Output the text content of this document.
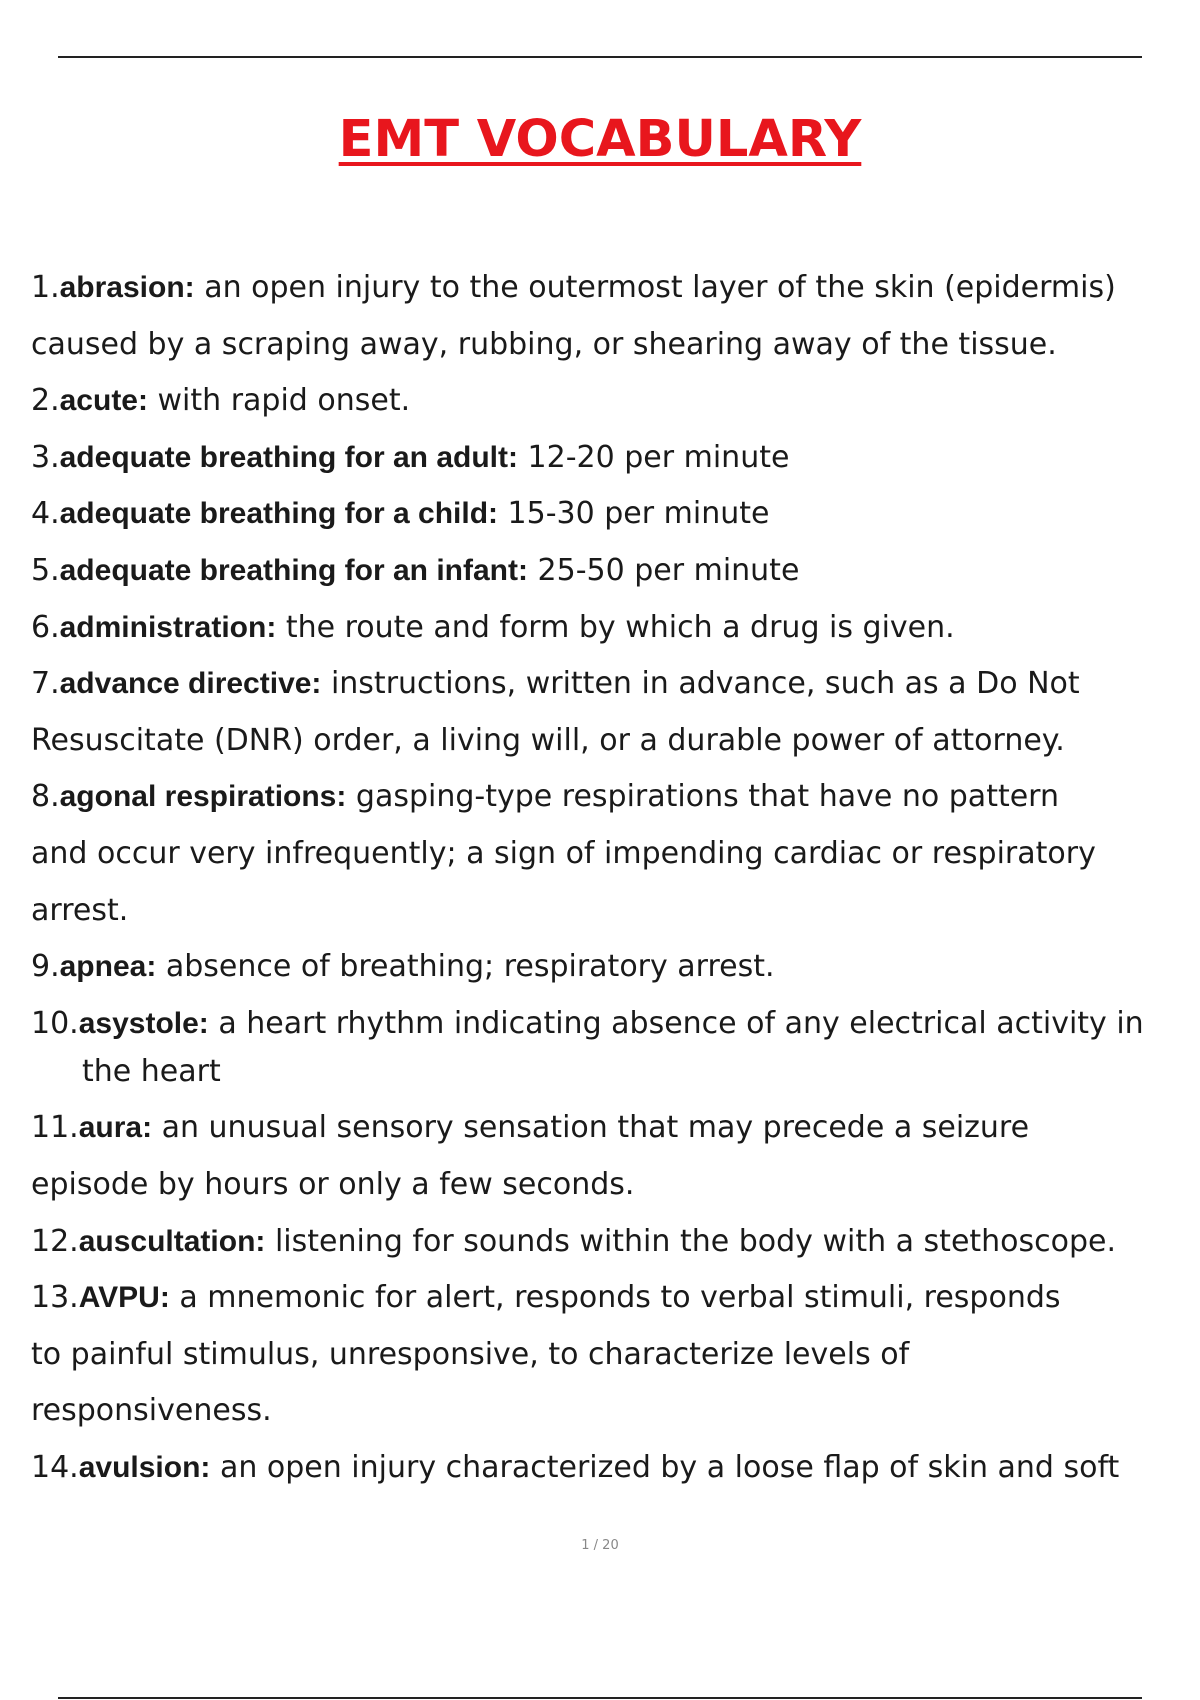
EMT VOCABULARY
1.abrasion: an open injury to the outermost layer of the skin (epidermis)
caused by a scraping away, rubbing, or shearing away of the tissue.
2.acute: with rapid onset.
3.adequate breathing for an adult: 12-20 per minute
4.adequate breathing for a child: 15-30 per minute
5.adequate breathing for an infant: 25-50 per minute
6.administration: the route and form by which a drug is given.
7.advance directive: instructions, written in advance, such as a Do Not
Resuscitate (DNR) order, a living will, or a durable power of attorney.
8.agonal respirations: gasping-type respirations that have no pattern
and occur very infrequently; a sign of impending cardiac or respiratory
arrest.
9.apnea: absence of breathing; respiratory arrest.
10.asystole: a heart rhythm indicating absence of any electrical activity in
the heart
11.aura: an unusual sensory sensation that may precede a seizure
episode by hours or only a few seconds.
12.auscultation: listening for sounds within the body with a stethoscope.
13.AVPU: a mnemonic for alert, responds to verbal stimuli, responds
to painful stimulus, unresponsive, to characterize levels of
responsiveness.
14.avulsion: an open injury characterized by a loose flap of skin and soft
1 / 20
